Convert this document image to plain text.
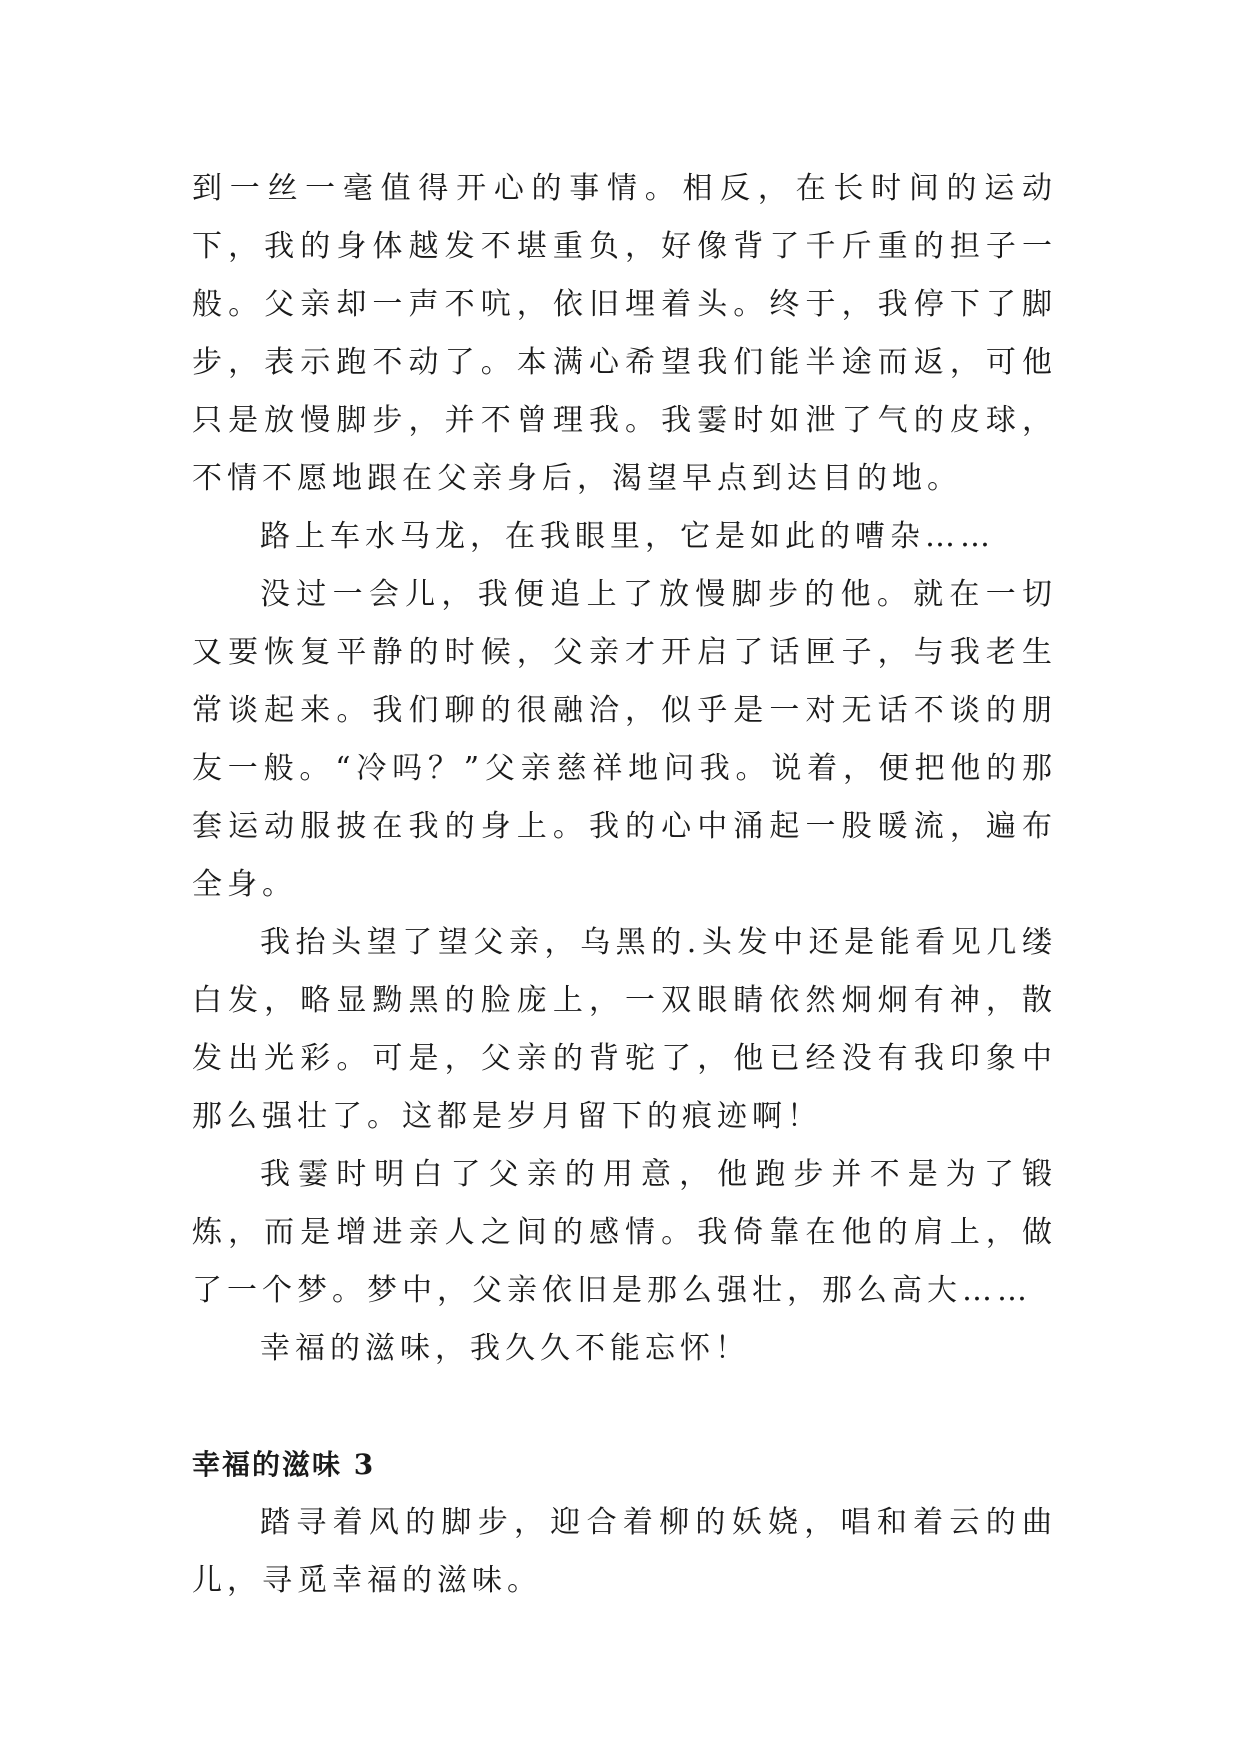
到一丝一毫值得开心的事情。相反，在长时间的运动下，我的身体越发不堪重负，好像背了千斤重的担子一般。父亲却一声不吭，依旧埋着头。终于，我停下了脚步，表示跑不动了。本满心希望我们能半途而返，可他只是放慢脚步，并不曾理我。我霎时如泄了气的皮球，不情不愿地跟在父亲身后，渴望早点到达目的地。

路上车水马龙，在我眼里，它是如此的嘈杂……

没过一会儿，我便追上了放慢脚步的他。就在一切又要恢复平静的时候，父亲才开启了话匣子，与我老生常谈起来。我们聊的很融洽，似乎是一对无话不谈的朋友一般。“冷吗？”父亲慈祥地问我。说着，便把他的那套运动服披在我的身上。我的心中涌起一股暖流，遍布全身。

我抬头望了望父亲，乌黑的.头发中还是能看见几缕白发，略显黝黑的脸庞上，一双眼睛依然炯炯有神，散发出光彩。可是，父亲的背驼了，他已经没有我印象中那么强壮了。这都是岁月留下的痕迹啊！

我霎时明白了父亲的用意，他跑步并不是为了锻炼，而是增进亲人之间的感情。我倚靠在他的肩上，做了一个梦。梦中，父亲依旧是那么强壮，那么高大……

幸福的滋味，我久久不能忘怀！

幸福的滋味 3

踏寻着风的脚步，迎合着柳的妖娆，唱和着云的曲儿，寻觅幸福的滋味。
